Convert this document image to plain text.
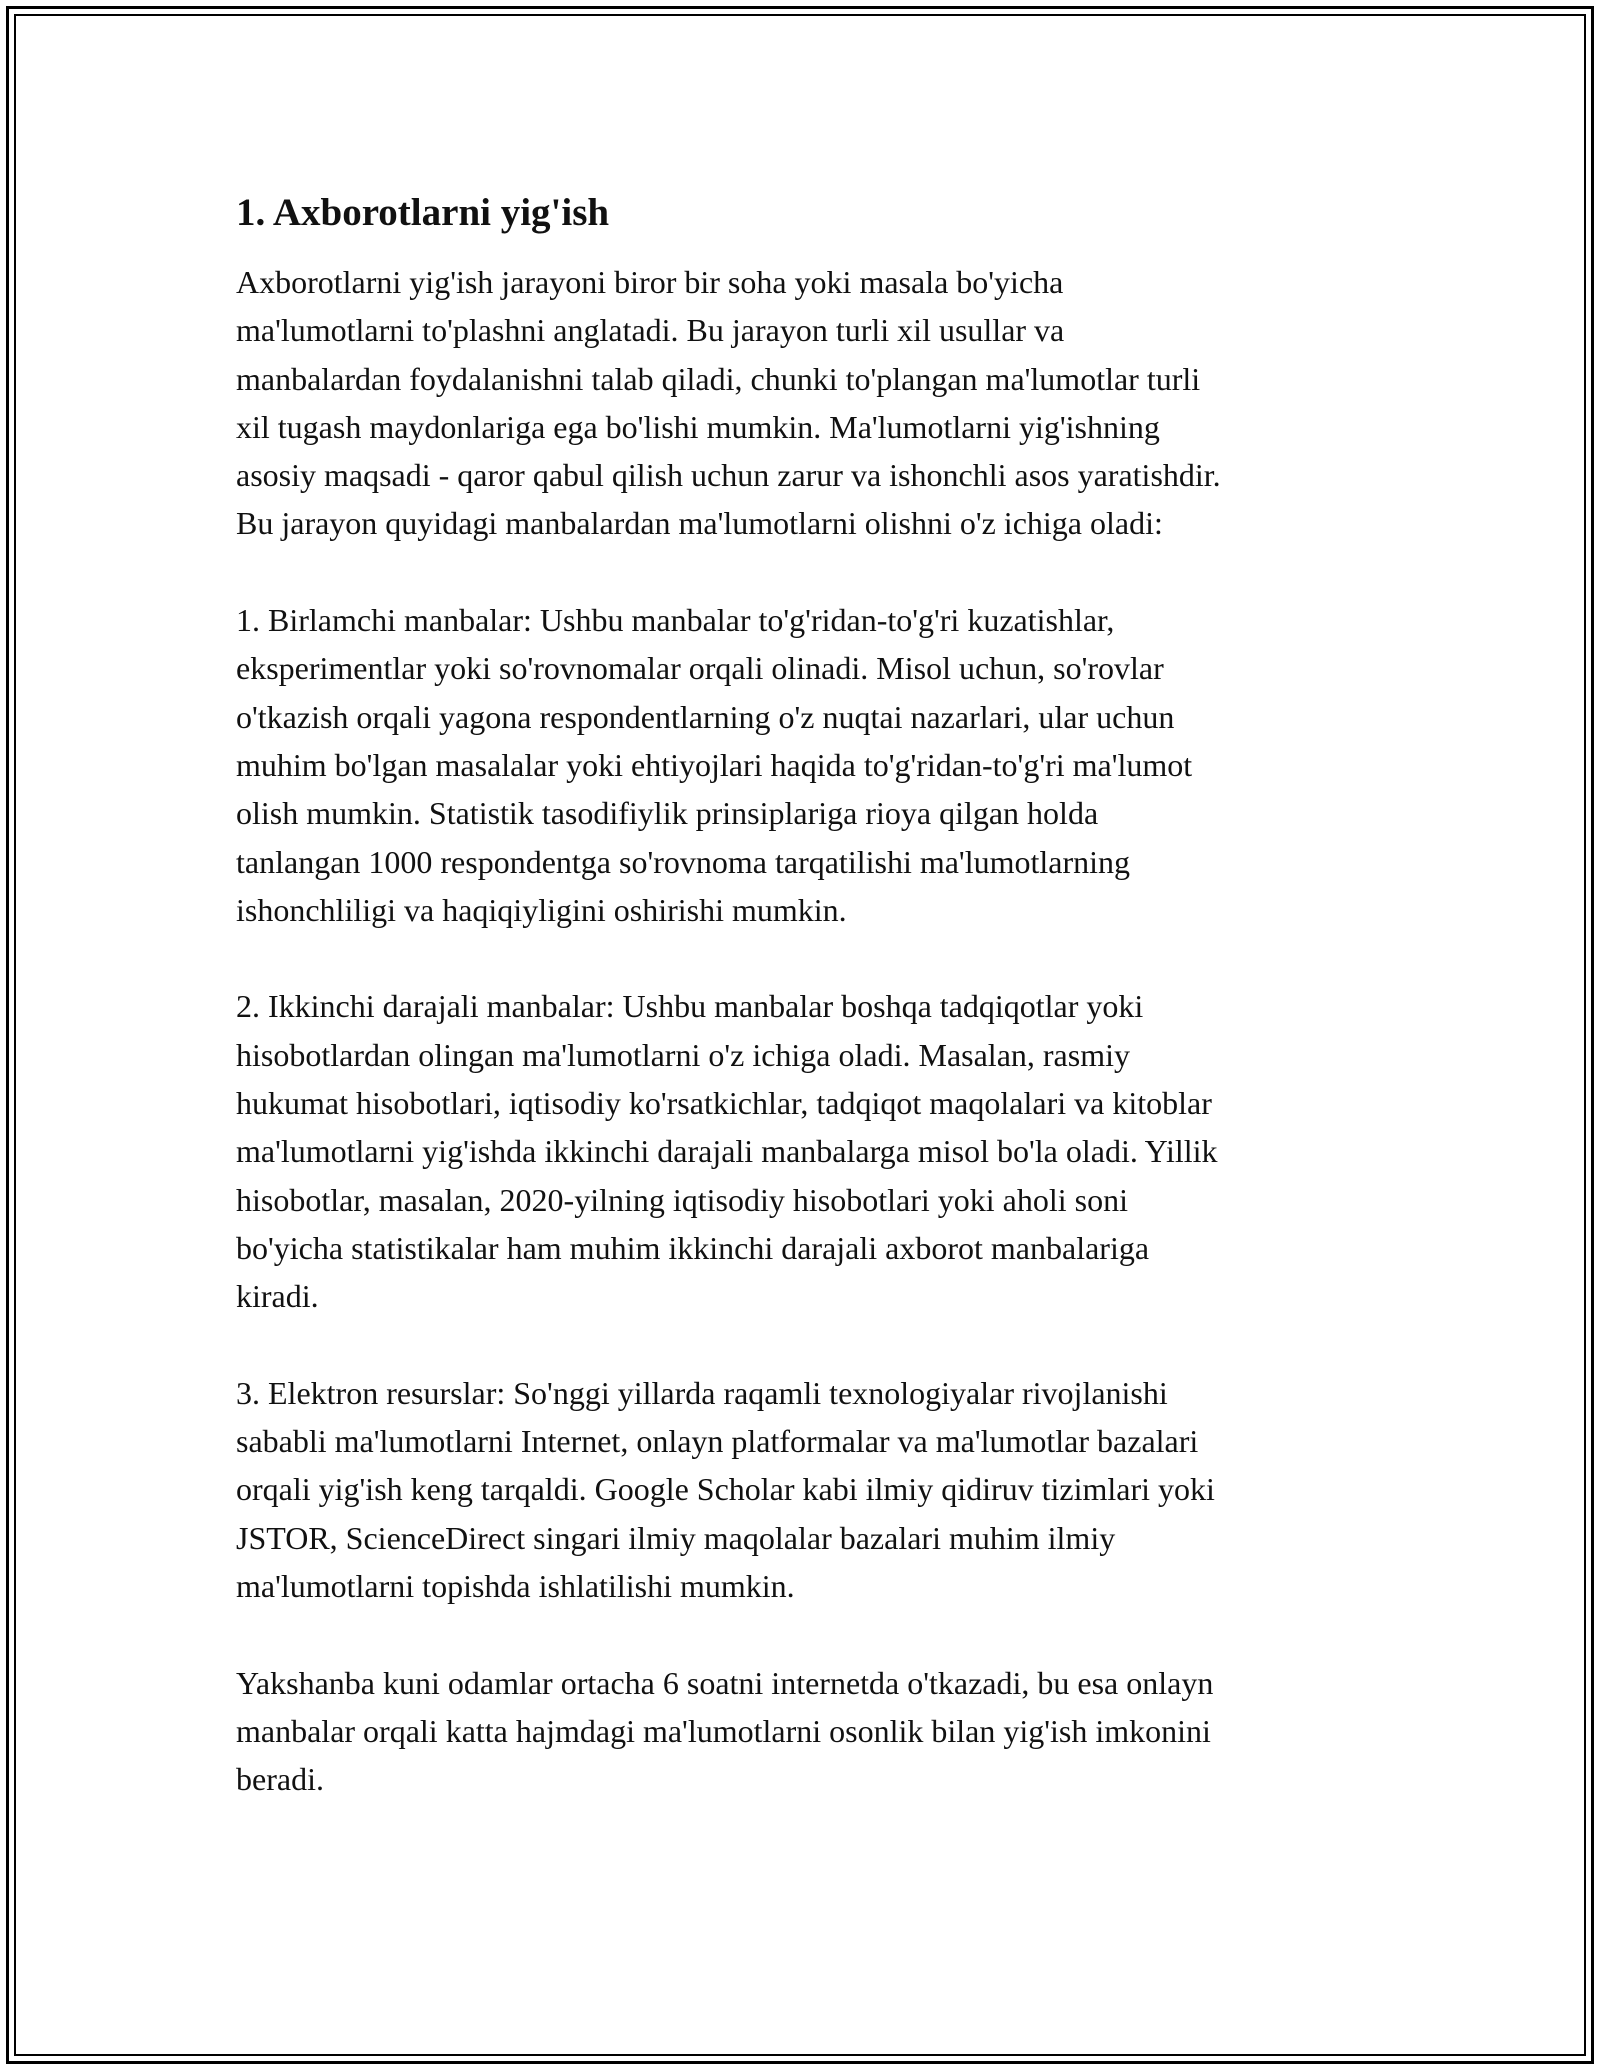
1. Axborotlarni yig'ish
Axborotlarni yig'ish jarayoni biror bir soha yoki masala bo'yicha
ma'lumotlarni to'plashni anglatadi. Bu jarayon turli xil usullar va
manbalardan foydalanishni talab qiladi, chunki to'plangan ma'lumotlar turli
xil tugash maydonlariga ega bo'lishi mumkin. Ma'lumotlarni yig'ishning
asosiy maqsadi - qaror qabul qilish uchun zarur va ishonchli asos yaratishdir.
Bu jarayon quyidagi manbalardan ma'lumotlarni olishni o'z ichiga oladi:
1. Birlamchi manbalar: Ushbu manbalar to'g'ridan-to'g'ri kuzatishlar,
eksperimentlar yoki so'rovnomalar orqali olinadi. Misol uchun, so'rovlar
o'tkazish orqali yagona respondentlarning o'z nuqtai nazarlari, ular uchun
muhim bo'lgan masalalar yoki ehtiyojlari haqida to'g'ridan-to'g'ri ma'lumot
olish mumkin. Statistik tasodifiylik prinsiplariga rioya qilgan holda
tanlangan 1000 respondentga so'rovnoma tarqatilishi ma'lumotlarning
ishonchliligi va haqiqiyligini oshirishi mumkin.
2. Ikkinchi darajali manbalar: Ushbu manbalar boshqa tadqiqotlar yoki
hisobotlardan olingan ma'lumotlarni o'z ichiga oladi. Masalan, rasmiy
hukumat hisobotlari, iqtisodiy ko'rsatkichlar, tadqiqot maqolalari va kitoblar
ma'lumotlarni yig'ishda ikkinchi darajali manbalarga misol bo'la oladi. Yillik
hisobotlar, masalan, 2020-yilning iqtisodiy hisobotlari yoki aholi soni
bo'yicha statistikalar ham muhim ikkinchi darajali axborot manbalariga
kiradi.
3. Elektron resurslar: So'nggi yillarda raqamli texnologiyalar rivojlanishi
sababli ma'lumotlarni Internet, onlayn platformalar va ma'lumotlar bazalari
orqali yig'ish keng tarqaldi. Google Scholar kabi ilmiy qidiruv tizimlari yoki
JSTOR, ScienceDirect singari ilmiy maqolalar bazalari muhim ilmiy
ma'lumotlarni topishda ishlatilishi mumkin.
Yakshanba kuni odamlar ortacha 6 soatni internetda o'tkazadi, bu esa onlayn
manbalar orqali katta hajmdagi ma'lumotlarni osonlik bilan yig'ish imkonini
beradi.
